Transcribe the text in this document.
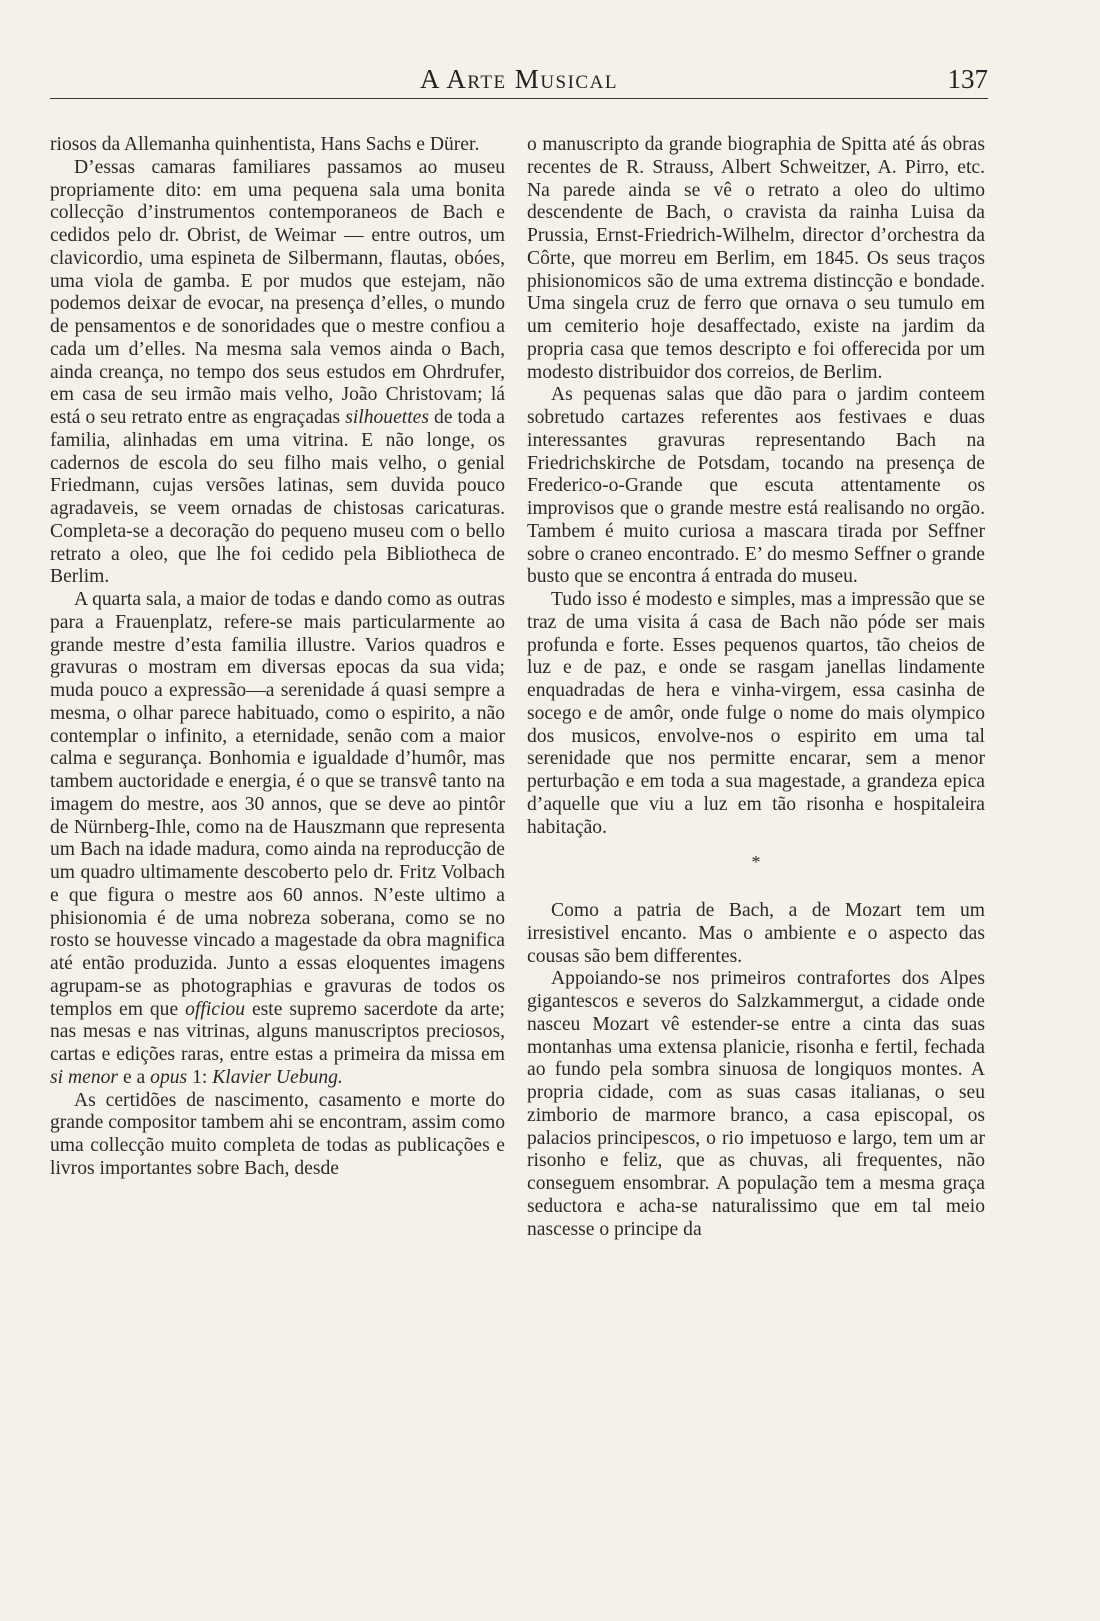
A Arte Musical	137

riosos da Allemanha quinhentista, Hans Sachs e Dürer.

D’essas camaras familiares passamos ao museu propriamente dito: em uma pequena sala uma bonita collecção d’instrumentos contemporaneos de Bach e cedidos pelo dr. Obrist, de Weimar — entre outros, um clavicordio, uma espineta de Silbermann, flautas, obóes, uma viola de gamba. E por mudos que estejam, não podemos deixar de evocar, na presença d’elles, o mundo de pensamentos e de sonoridades que o mestre confiou a cada um d’elles. Na mesma sala vemos ainda o Bach, ainda creança, no tempo dos seus estudos em Ohrdrufer, em casa de seu irmão mais velho, João Christovam; lá está o seu retrato entre as engraçadas silhouettes de toda a familia, alinhadas em uma vitrina. E não longe, os cadernos de escola do seu filho mais velho, o genial Friedmann, cujas versões latinas, sem duvida pouco agradaveis, se veem ornadas de chistosas caricaturas. Completa-se a decoração do pequeno museu com o bello retrato a oleo, que lhe foi cedido pela Bibliotheca de Berlim.

A quarta sala, a maior de todas e dando como as outras para a Frauenplatz, refere-se mais particularmente ao grande mestre d’esta familia illustre. Varios quadros e gravuras o mostram em diversas epocas da sua vida; muda pouco a expressão—a serenidade á quasi sempre a mesma, o olhar parece habituado, como o espirito, a não contemplar o infinito, a eternidade, senão com a maior calma e segurança. Bonhomia e igualdade d’humôr, mas tambem auctoridade e energia, é o que se transvê tanto na imagem do mestre, aos 30 annos, que se deve ao pintôr de Nürnberg-Ihle, como na de Hauszmann que representa um Bach na idade madura, como ainda na reproducção de um quadro ultimamente descoberto pelo dr. Fritz Volbach e que figura o mestre aos 60 annos. N’este ultimo a phisionomia é de uma nobreza soberana, como se no rosto se houvesse vincado a magestade da obra magnifica até então produzida. Junto a essas eloquentes imagens agrupam-se as photographias e gravuras de todos os templos em que officiou este supremo sacerdote da arte; nas mesas e nas vitrinas, alguns manuscriptos preciosos, cartas e edições raras, entre estas a primeira da missa em si menor e a opus 1: Klavier Uebung.

As certidões de nascimento, casamento e morte do grande compositor tambem ahi se encontram, assim como uma collecção muito completa de todas as publicações e livros importantes sobre Bach, desde

o manuscripto da grande biographia de Spitta até ás obras recentes de R. Strauss, Albert Schweitzer, A. Pirro, etc. Na parede ainda se vê o retrato a oleo do ultimo descendente de Bach, o cravista da rainha Luisa da Prussia, Ernst-Friedrich-Wilhelm, director d’orchestra da Côrte, que morreu em Berlim, em 1845. Os seus traços phisionomicos são de uma extrema distincção e bondade. Uma singela cruz de ferro que ornava o seu tumulo em um cemiterio hoje desaffectado, existe na jardim da propria casa que temos descripto e foi offerecida por um modesto distribuidor dos correios, de Berlim.

As pequenas salas que dão para o jardim conteem sobretudo cartazes referentes aos festivaes e duas interessantes gravuras representando Bach na Friedrichskirche de Potsdam, tocando na presença de Frederico-o-Grande que escuta attentamente os improvisos que o grande mestre está realisando no orgão. Tambem é muito curiosa a mascara tirada por Seffner sobre o craneo encontrado. E’ do mesmo Seffner o grande busto que se encontra á entrada do museu.

Tudo isso é modesto e simples, mas a impressão que se traz de uma visita á casa de Bach não póde ser mais profunda e forte. Esses pequenos quartos, tão cheios de luz e de paz, e onde se rasgam janellas lindamente enquadradas de hera e vinha-virgem, essa casinha de socego e de amôr, onde fulge o nome do mais olympico dos musicos, envolve-nos o espirito em uma tal serenidade que nos permitte encarar, sem a menor perturbação e em toda a sua magestade, a grandeza epica d’aquelle que viu a luz em tão risonha e hospitaleira habitação.

*

Como a patria de Bach, a de Mozart tem um irresistivel encanto. Mas o ambiente e o aspecto das cousas são bem differentes.

Appoiando-se nos primeiros contrafortes dos Alpes gigantescos e severos do Salzkammergut, a cidade onde nasceu Mozart vê estender-se entre a cinta das suas montanhas uma extensa planicie, risonha e fertil, fechada ao fundo pela sombra sinuosa de longiquos montes. A propria cidade, com as suas casas italianas, o seu zimborio de marmore branco, a casa episcopal, os palacios principescos, o rio impetuoso e largo, tem um ar risonho e feliz, que as chuvas, ali frequentes, não conseguem ensombrar. A população tem a mesma graça seductora e acha-se naturalissimo que em tal meio nascesse o principe da
